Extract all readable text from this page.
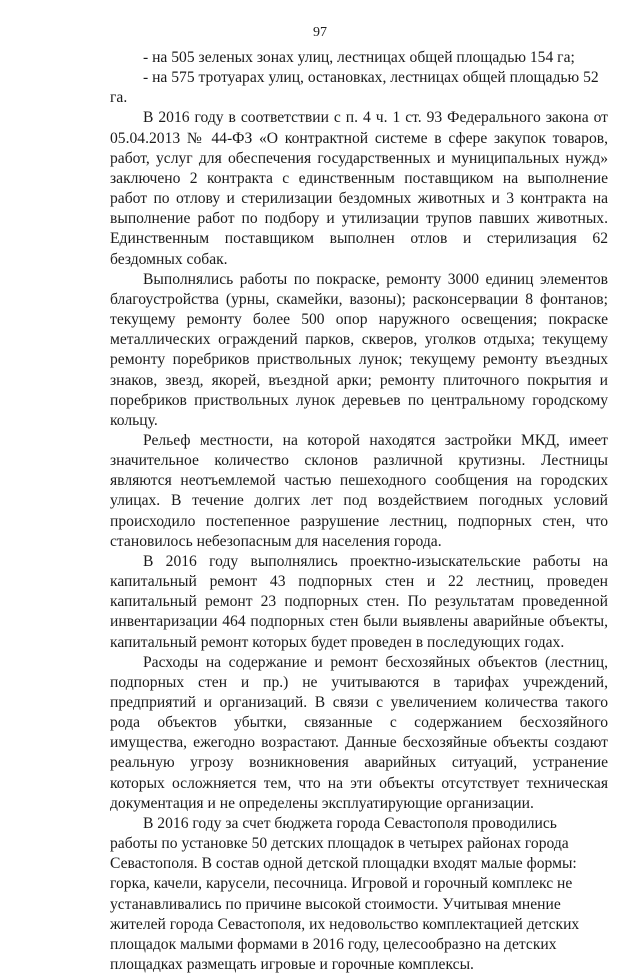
97

- на 505 зеленых зонах улиц, лестницах общей площадью 154 га;

- на 575 тротуарах улиц, остановках, лестницах общей площадью 52 га.

В 2016 году в соответствии с п. 4 ч. 1 ст. 93 Федерального закона от 05.04.2013 № 44-ФЗ «О контрактной системе в сфере закупок товаров, работ, услуг для обеспечения государственных и муниципальных нужд» заключено 2 контракта с единственным поставщиком на выполнение работ по отлову и стерилизации бездомных животных и 3 контракта на выполнение работ по подбору и утилизации трупов павших животных. Единственным поставщиком выполнен отлов и стерилизация 62 бездомных собак.

Выполнялись работы по покраске, ремонту 3000 единиц элементов благоустройства (урны, скамейки, вазоны); расконсервации 8 фонтанов; текущему ремонту более 500 опор наружного освещения; покраске металлических ограждений парков, скверов, уголков отдыха; текущему ремонту поребриков приствольных лунок; текущему ремонту въездных знаков, звезд, якорей, въездной арки; ремонту плиточного покрытия и поребриков приствольных лунок деревьев по центральному городскому кольцу.

Рельеф местности, на которой находятся застройки МКД, имеет значительное количество склонов различной крутизны. Лестницы являются неотъемлемой частью пешеходного сообщения на городских улицах. В течение долгих лет под воздействием погодных условий происходило постепенное разрушение лестниц, подпорных стен, что становилось небезопасным для населения города.

В 2016 году выполнялись проектно-изыскательские работы на капитальный ремонт 43 подпорных стен и 22 лестниц, проведен капитальный ремонт 23 подпорных стен. По результатам проведенной инвентаризации 464 подпорных стен были выявлены аварийные объекты, капитальный ремонт которых будет проведен в последующих годах.

Расходы на содержание и ремонт бесхозяйных объектов (лестниц, подпорных стен и пр.) не учитываются в тарифах учреждений, предприятий и организаций. В связи с увеличением количества такого рода объектов убытки, связанные с содержанием бесхозяйного имущества, ежегодно возрастают. Данные бесхозяйные объекты создают реальную угрозу возникновения аварийных ситуаций, устранение которых осложняется тем, что на эти объекты отсутствует техническая документация и не определены эксплуатирующие организации.

В 2016 году за счет бюджета города Севастополя проводились работы по установке 50 детских площадок в четырех районах города Севастополя. В состав одной детской площадки входят малые формы: горка, качели, карусели, песочница. Игровой и горочный комплекс не устанавливались по причине высокой стоимости. Учитывая мнение жителей города Севастополя, их недовольство комплектацией детских площадок малыми формами в 2016 году, целесообразно на детских площадках размещать игровые и горочные комплексы.
